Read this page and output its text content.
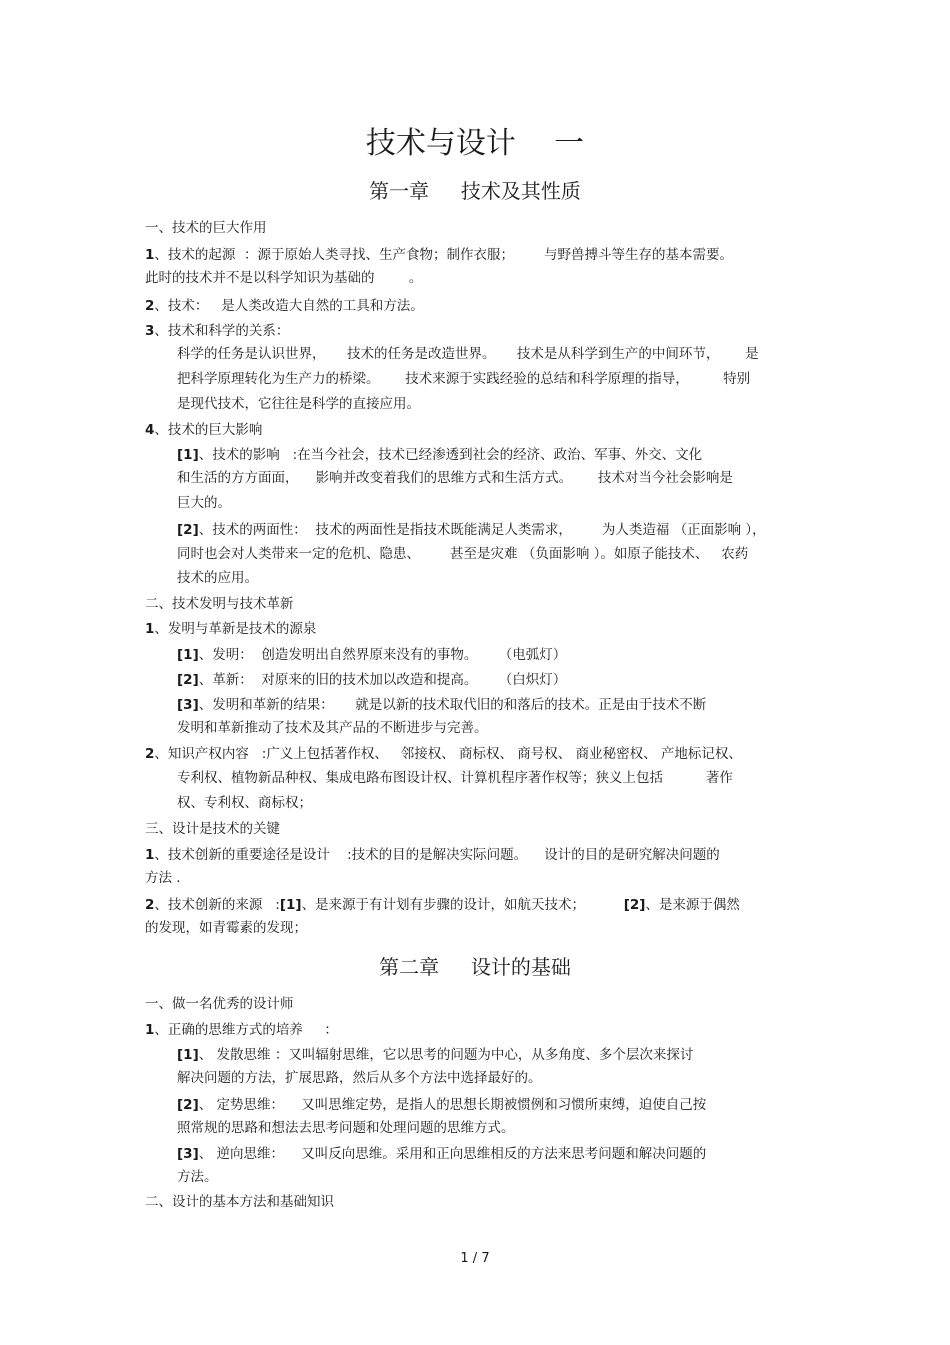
技术与设计    一
第一章     技术及其性质
一、技术的巨大作用
1、技术的起源  ：源于原始人类寻找、生产食物；制作衣服；       与野兽搏斗等生存的基本需要。
此时的技术并不是以科学知识为基础的        。
2、技术：   是人类改造大自然的工具和方法。
3、技术和科学的关系：
科学的任务是认识世界，     技术的任务是改造世界。     技术是从科学到生产的中间环节，      是
把科学原理转化为生产力的桥梁。      技术来源于实践经验的总结和科学原理的指导，        特别
是现代技术，它往往是科学的直接应用。
4、技术的巨大影响
[1]、技术的影响   :在当今社会，技术已经渗透到社会的经济、政治、军事、外交、文化
和生活的方方面面，    影响并改变着我们的思维方式和生活方式。      技术对当今社会影响是
巨大的。
[2]、技术的两面性：  技术的两面性是指技术既能满足人类需求，       为人类造福 （正面影响 ），
同时也会对人类带来一定的危机、隐患、       甚至是灾难 （负面影响 ）。如原子能技术、   农药
技术的应用。
二、技术发明与技术革新
1、发明与革新是技术的源泉
[1]、发明：  创造发明出自然界原来没有的事物。     （电弧灯）
[2]、革新：  对原来的旧的技术加以改造和提高。     （白炽灯）
[3]、发明和革新的结果：     就是以新的技术取代旧的和落后的技术。正是由于技术不断
发明和革新推动了技术及其产品的不断进步与完善。
2、知识产权内容   :广义上包括著作权、   邻接权、 商标权、 商号权、 商业秘密权、 产地标记权、
专利权、植物新品种权、集成电路布图设计权、计算机程序著作权等；狭义上包括          著作
权、专利权、商标权；
三、设计是技术的关键
1、技术创新的重要途径是设计    :技术的目的是解决实际问题。    设计的目的是研究解决问题的
方法 .
2、技术创新的来源   :[1]、是来源于有计划有步骤的设计，如航天技术；         [2]、是来源于偶然
的发现，如青霉素的发现；
第二章     设计的基础
一、做一名优秀的设计师
1、正确的思维方式的培养     ：
[1]、 发散思维 ：又叫辐射思维，它以思考的问题为中心，从多角度、多个层次来探讨
解决问题的方法，扩展思路，然后从多个方法中选择最好的。
[2]、 定势思维：    又叫思维定势，是指人的思想长期被惯例和习惯所束缚，迫使自己按
照常规的思路和想法去思考问题和处理问题的思维方式。
[3]、 逆向思维：    又叫反向思维。采用和正向思维相反的方法来思考问题和解决问题的
方法。
二、设计的基本方法和基础知识
1 / 7
